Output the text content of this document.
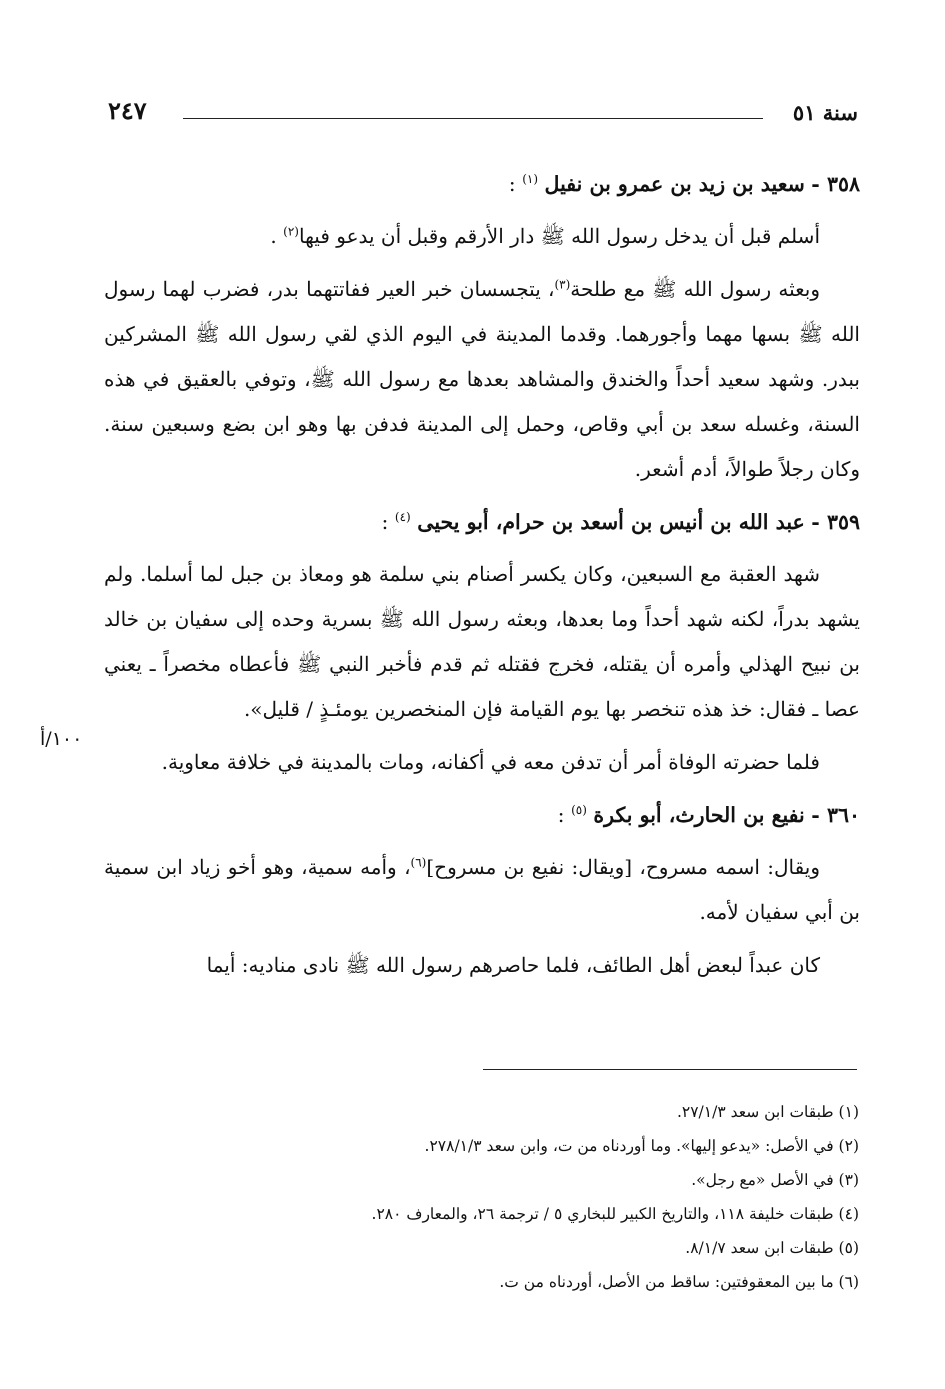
سنة ٥١
٢٤٧
٣٥٨ - سعيد بن زيد بن عمرو بن نفيل $^{(١)}$ :

أسلم قبل أن يدخل رسول الله ﷺ دار الأرقم وقبل أن يدعو فيها$^{(٢)}$ .

وبعثه رسول الله ﷺ مع طلحة$^{(٣)}$، يتجسسان خبر العير ففاتتهما بدر، فضرب لهما رسول الله ﷺ بسها مهما وأجورهما. وقدما المدينة في اليوم الذي لقي رسول الله ﷺ المشركين ببدر. وشهد سعيد أحداً والخندق والمشاهد بعدها مع رسول الله ﷺ، وتوفي بالعقيق في هذه السنة، وغسله سعد بن أبي وقاص، وحمل إلى المدينة فدفن بها وهو ابن بضع وسبعين سنة. وكان رجلاً طوالاً، أدم أشعر.

٣٥٩ - عبد الله بن أنيس بن أسعد بن حرام، أبو يحيى $^{(٤)}$ :

شهد العقبة مع السبعين، وكان يكسر أصنام بني سلمة هو ومعاذ بن جبل لما أسلما. ولم يشهد بدراً، لكنه شهد أحداً وما بعدها، وبعثه رسول الله ﷺ بسرية وحده إلى سفيان بن خالد بن نبيح الهذلي وأمره أن يقتله، فخرج فقتله ثم قدم فأخبر النبي ﷺ فأعطاه مخصراً ـ يعني عصا ـ فقال: خذ هذه تنخصر بها يوم القيامة فإن المنخصرين يومئـذٍ / قليل».

فلما حضرته الوفاة أمر أن تدفن معه في أكفانه، ومات بالمدينة في خلافة معاوية.

٣٦٠ - نفيع بن الحارث، أبو بكرة $^{(٥)}$ :

ويقال: اسمه مسروح، [ويقال: نفيع بن مسروح]$^{(٦)}$، وأمه سمية، وهو أخو زياد ابن سمية بن أبي سفيان لأمه.

كان عبداً لبعض أهل الطائف، فلما حاصرهم رسول الله ﷺ نادى مناديه: أيما

١٠٠/أ
(١) طبقات ابن سعد ٢٧/١/٣.
(٢) في الأصل: «يدعو إليها». وما أوردناه من ت، وابن سعد ٢٧٨/١/٣.
(٣) في الأصل «مع رجل».
(٤) طبقات خليفة ١١٨، والتاريخ الكبير للبخاري ٥ / ترجمة ٢٦، والمعارف ٢٨٠.
(٥) طبقات ابن سعد ٨/١/٧.
(٦) ما بين المعقوفتين: ساقط من الأصل، أوردناه من ت.
